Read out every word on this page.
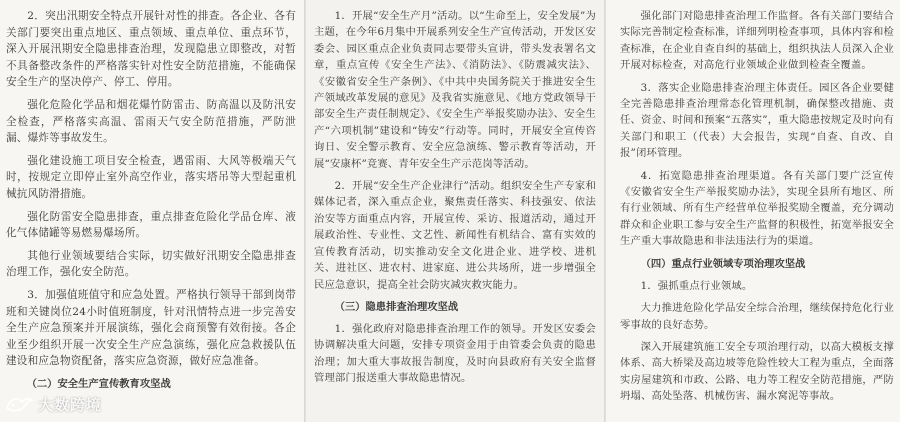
2．突出汛期安全特点开展针对性的排查。各企业、各有关部门要突出重点地区、重点领域、重点单位、重点环节，深入开展汛期安全隐患排查治理，发现隐患立即整改，对暂不具备整改条件的严格落实针对性安全防范措施，不能确保安全生产的坚决停产、停工、停用。

强化危险化学品和烟花爆竹防雷击、防高温以及防汛安全检查，严格落实高温、雷雨天气安全防范措施，严防泄漏、爆炸等事故发生。

强化建设施工项目安全检查，遇雷雨、大风等极端天气时，按规定立即停止室外高空作业，落实塔吊等大型起重机械抗风防滑措施。

强化防雷安全隐患排查，重点排查危险化学品仓库、液化气体储罐等易燃易爆场所。

其他行业领域要结合实际，切实做好汛期安全隐患排查治理工作，强化安全防范。

3．加强值班值守和应急处置。严格执行领导干部到岗带班和关键岗位24小时值班制度，针对汛情特点进一步完善安全生产应急预案并开展演练，强化会商预警有效衔接。各企业至少组织开展一次安全生产应急演练，强化应急救援队伍建设和应急物资配备，落实应急资源，做好应急准备。

（二）安全生产宣传教育攻坚战

1．开展“安全生产月”活动。以“生命至上，安全发展”为主题，在今年6月集中开展系列安全生产宣传活动，开发区安委会、园区重点企业负责同志要带头宣讲，带头发表署名文章，重点宣传《安全生产法》、《消防法》、《防震减灾法》、《安徽省安全生产条例》、《中共中央国务院关于推进安全生产领域改革发展的意见》及我省实施意见、《地方党政领导干部安全生产责任制规定》、《安全生产举报奖励办法》、安全生产“六项机制”建设和“铸安”行动等。同时，开展安全宣传咨询日、安全警示教育、安全应急演练、警示教育等活动，开展“安康杯”竞赛、青年安全生产示范岗等活动。

2．开展“安全生产企业津行”活动。组织安全生产专家和媒体记者，深入重点企业，聚焦责任落实、科技强安、依法治安等方面重点内容，开展宣传、采访、报道活动，通过开展政治性、专业性、文艺性、新闻性有机结合、富有实效的宣传教育活动，切实推动安全文化进企业、进学校、进机关、进社区、进农村、进家庭、进公共场所，进一步增强全民应急意识，提高全社会防灾减灾救灾能力。

（三）隐患排查治理攻坚战

1．强化政府对隐患排查治理工作的领导。开发区安委会协调解决重大问题，安排专项资金用于由管委会负责的隐患治理；加大重大事故报告制度，及时向县政府有关安全监督管理部门报送重大事故隐患情况。

强化部门对隐患排查治理工作监督。各有关部门要结合实际完善制定检查标准，详细列明检查事项，具体内容和检查标准，在企业自查自纠的基础上，组织执法人员深入企业开展对标检查，对高危行业领域企业做到检查全覆盖。

3．落实企业隐患排查治理主体责任。园区各企业要健全完善隐患排查治理常态化管理机制，确保整改措施、责任、资金、时间和预案“五落实”，重大隐患按规定及时向有关部门和职工（代表）大会报告，实现“自查、自改、自报”闭环管理。

4．拓宽隐患排查治理渠道。各有关部门要广泛宣传《安徽省安全生产举报奖励办法》，实现全县所有地区、所有行业领域、所有生产经营单位举报奖励全覆盖，充分调动群众和企业职工参与安全生产监督的积极性，拓宽举报安全生产重大事故隐患和非法违法行为的渠道。

（四）重点行业领域专项治理攻坚战

1．强抓重点行业领域。

大力推进危险化学品安全综合治理，继续保持危化行业零事故的良好态势。

深入开展建筑施工安全专项治理行动，以高大模板支撑体系、高大桥梁及高边坡等危险性较大工程为重点，全面落实房屋建筑和市政、公路、电力等工程安全防范措施，严防坍塌、高处坠落、机械伤害、漏水窝泥等事故。

大数跨境
